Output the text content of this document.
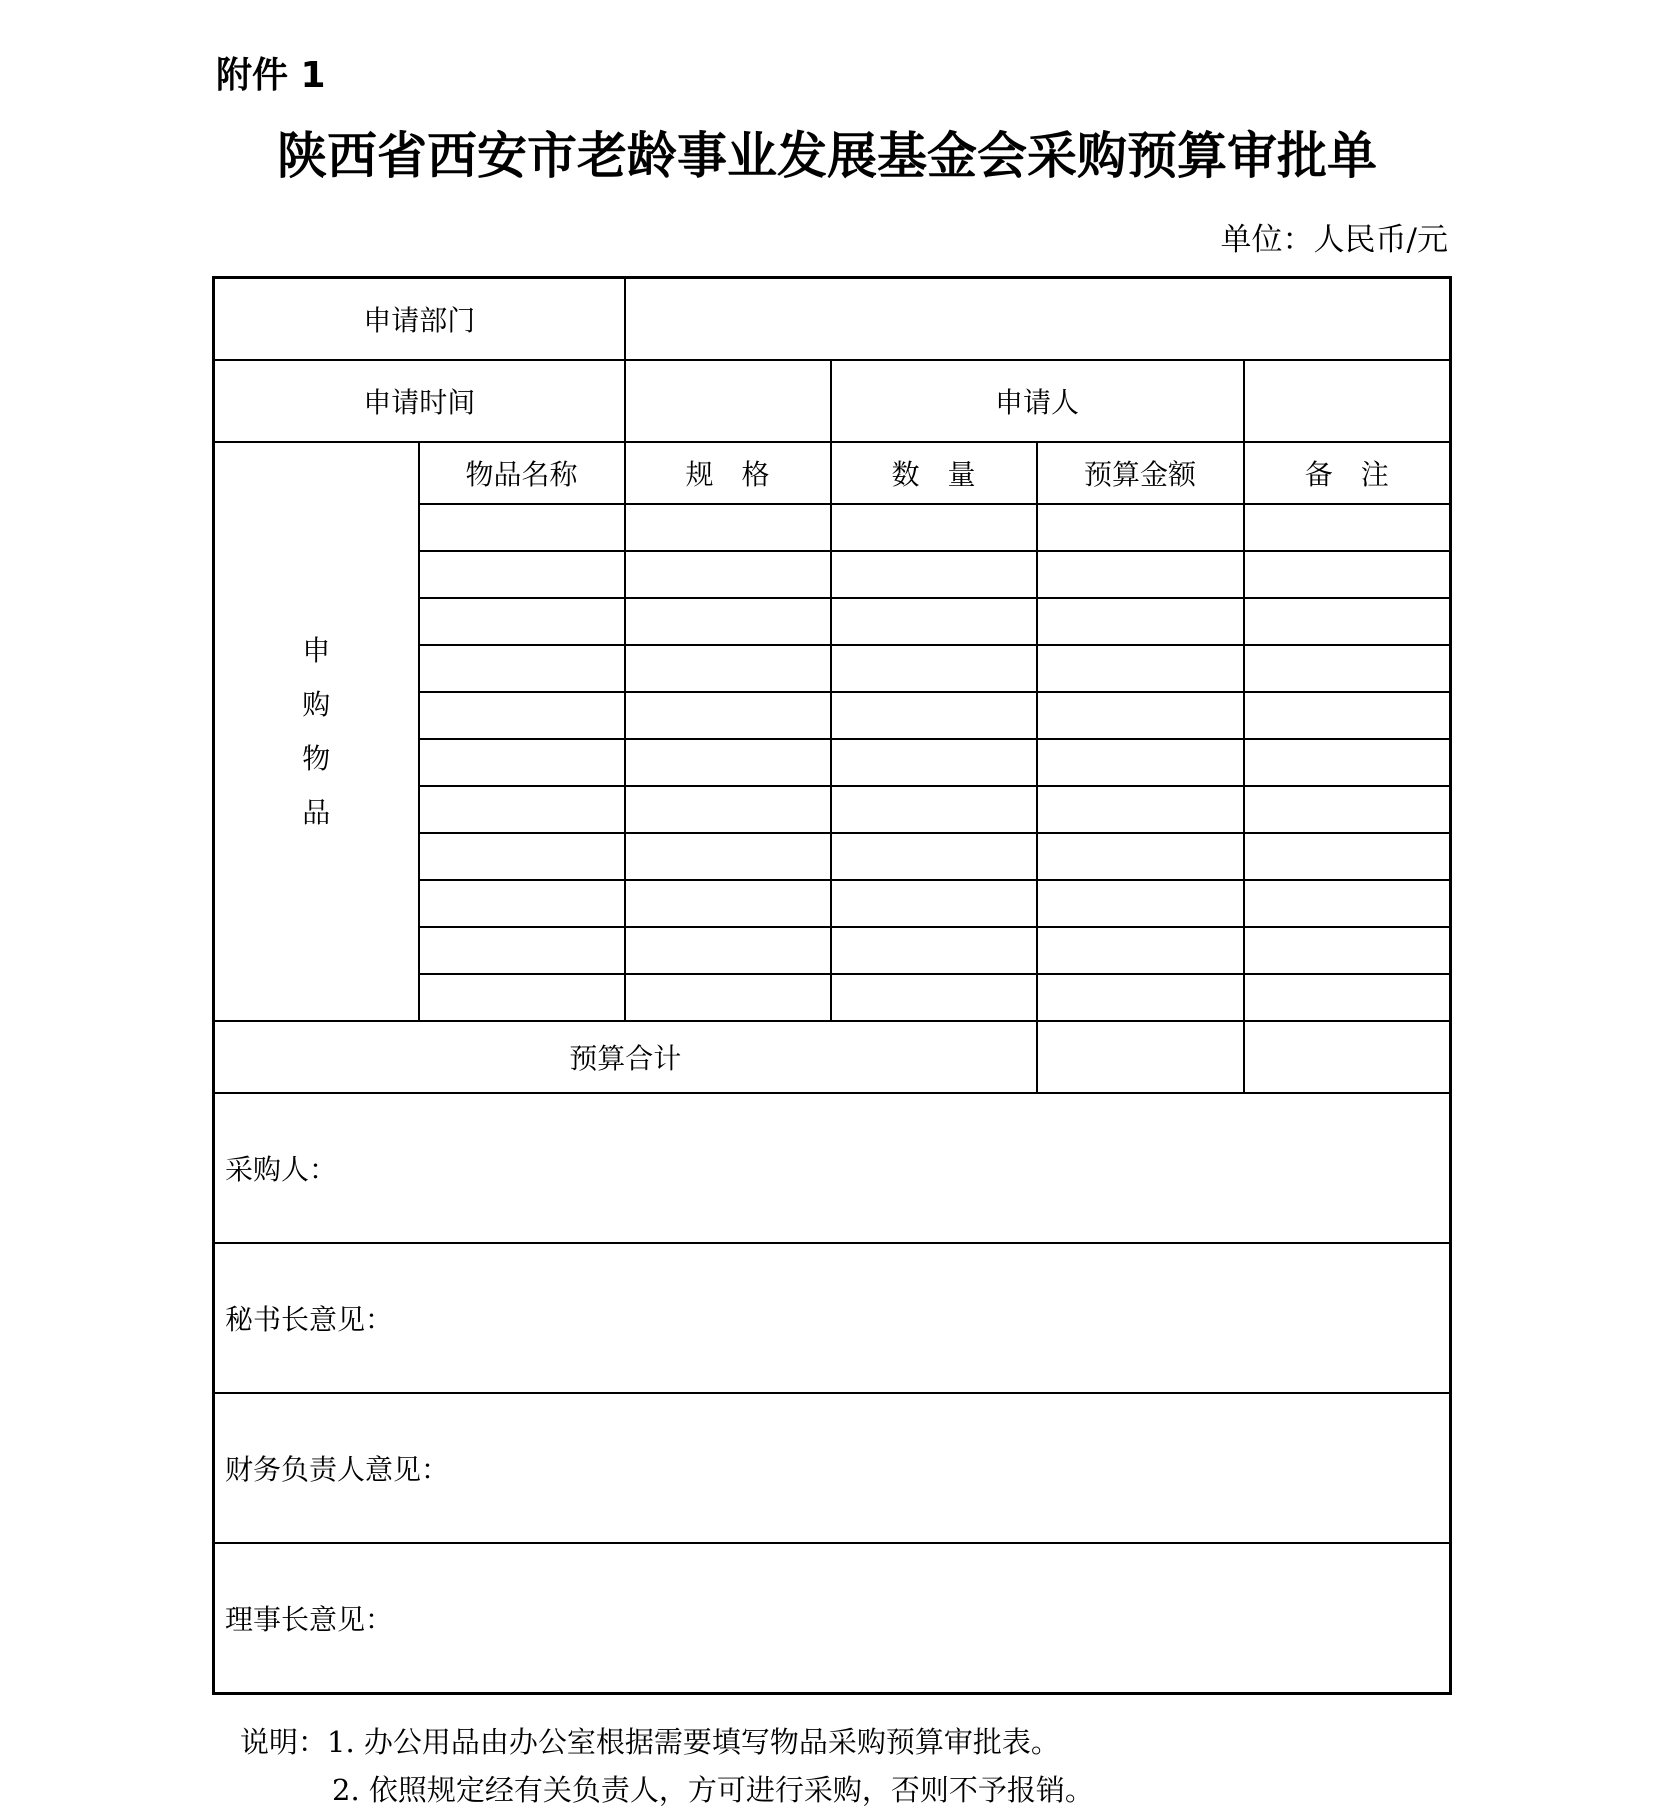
附件 1
陕西省西安市老龄事业发展基金会采购预算审批单
单位：人民币/元
申请部门					
申请时间			申请人		
申购物品	物品名称	规　格	数　量	预算金额	备　注

预算合计					
采购人：					
秘书长意见：					
财务负责人意见：					
理事长意见：					
说明：1. 办公用品由办公室根据需要填写物品采购预算审批表。
2. 依照规定经有关负责人，方可进行采购，否则不予报销。
